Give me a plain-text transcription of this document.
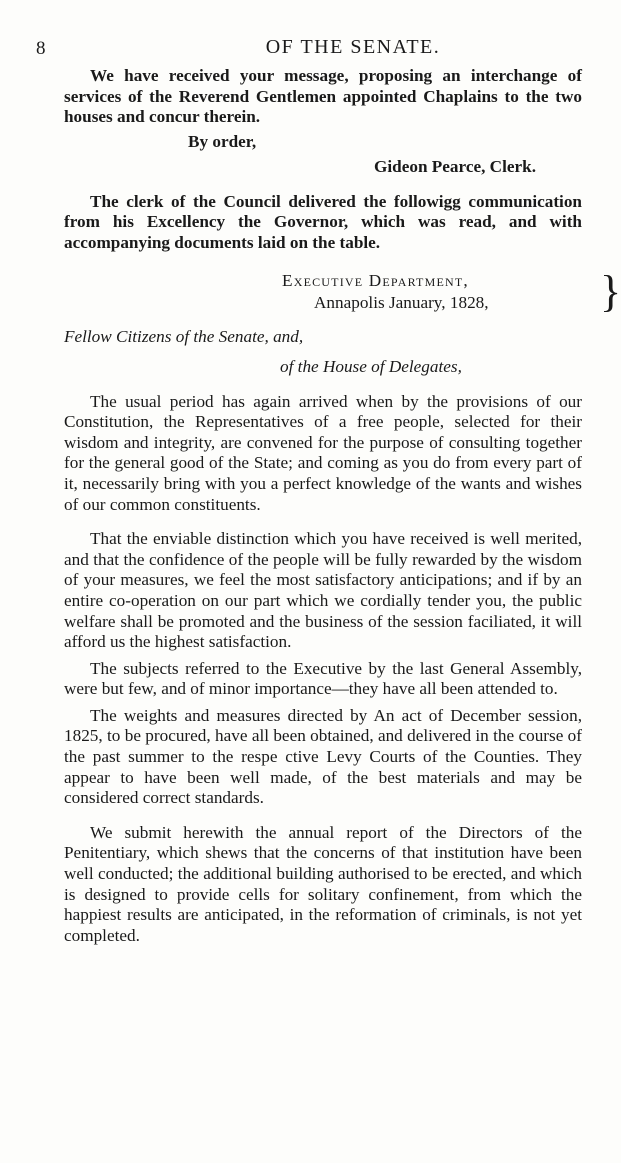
8	OF THE SENATE.

We have received your message, proposing an interchange of services of the Reverend Gentlemen appointed Chaplains to the two houses and concur therein.

By order,
Gideon Pearce, Clerk.

The clerk of the Council delivered the followigg communication from his Excellency the Governor, which was read, and with accompanying documents laid on the table.

Executive Department,
Annapolis January, 1828,	}
Fellow Citizens of the Senate, and,
of the House of Delegates,

The usual period has again arrived when by the provisions of our Constitution, the Representatives of a free people, selected for their wisdom and integrity, are convened for the purpose of consulting together for the general good of the State; and coming as you do from every part of it, necessarily bring with you a perfect knowledge of the wants and wishes of our common constituents.

That the enviable distinction which you have received is well merited, and that the confidence of the people will be fully rewarded by the wisdom of your measures, we feel the most satisfactory anticipations; and if by an entire co-operation on our part which we cordially tender you, the public welfare shall be promoted and the business of the session faciliated, it will afford us the highest satisfaction.

The subjects referred to the Executive by the last General Assembly, were but few, and of minor importance—they have all been attended to.

The weights and measures directed by An act of December session, 1825, to be procured, have all been obtained, and delivered in the course of the past summer to the respe ctive Levy Courts of the Counties. They appear to have been well made, of the best materials and may be considered correct standards.

We submit herewith the annual report of the Directors of the Penitentiary, which shews that the concerns of that institution have been well conducted; the additional building authorised to be erected, and which is designed to provide cells for solitary confinement, from which the happiest results are anticipated, in the reformation of criminals, is not yet completed.
